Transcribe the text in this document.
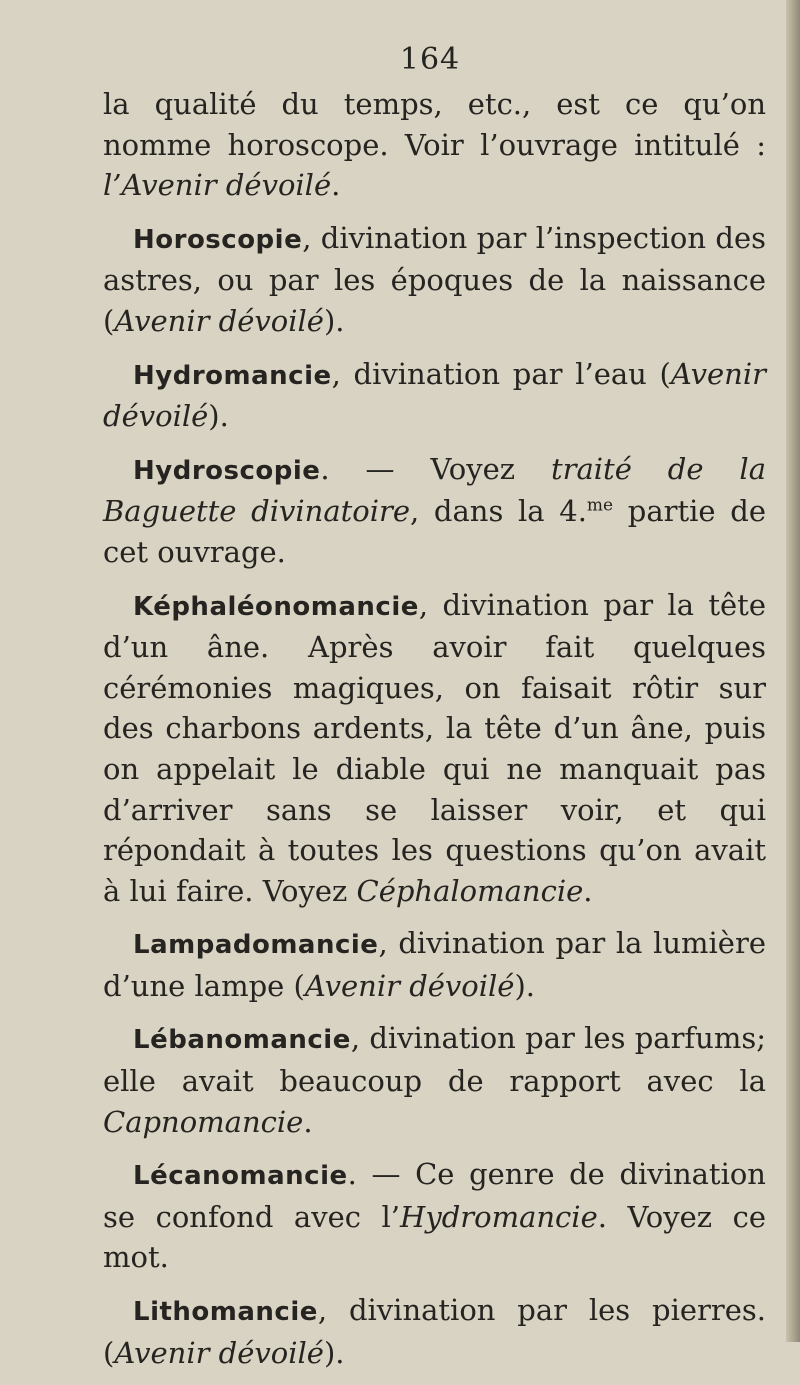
164

la qualité du temps, etc., est ce qu’on nomme horoscope. Voir l’ouvrage intitulé : l’Avenir dévoilé.

Horoscopie, divination par l’inspection des astres, ou par les époques de la naissance (Avenir dévoilé).

Hydromancie, divination par l’eau (Avenir dévoilé).

Hydroscopie. — Voyez traité de la Baguette divinatoire, dans la 4.$^{me}$ partie de cet ouvrage.

Képhaléonomancie, divination par la tête d’un âne. Après avoir fait quelques cérémonies magiques, on faisait rôtir sur des charbons ardents, la tête d’un âne, puis on appelait le diable qui ne manquait pas d’arriver sans se laisser voir, et qui répondait à toutes les questions qu’on avait à lui faire. Voyez Céphalomancie.

Lampadomancie, divination par la lumière d’une lampe (Avenir dévoilé).

Lébanomancie, divination par les parfums; elle avait beaucoup de rapport avec la Capnomancie.

Lécanomancie. — Ce genre de divination se confond avec l’Hydromancie. Voyez ce mot.

Lithomancie, divination par les pierres. (Avenir dévoilé).
